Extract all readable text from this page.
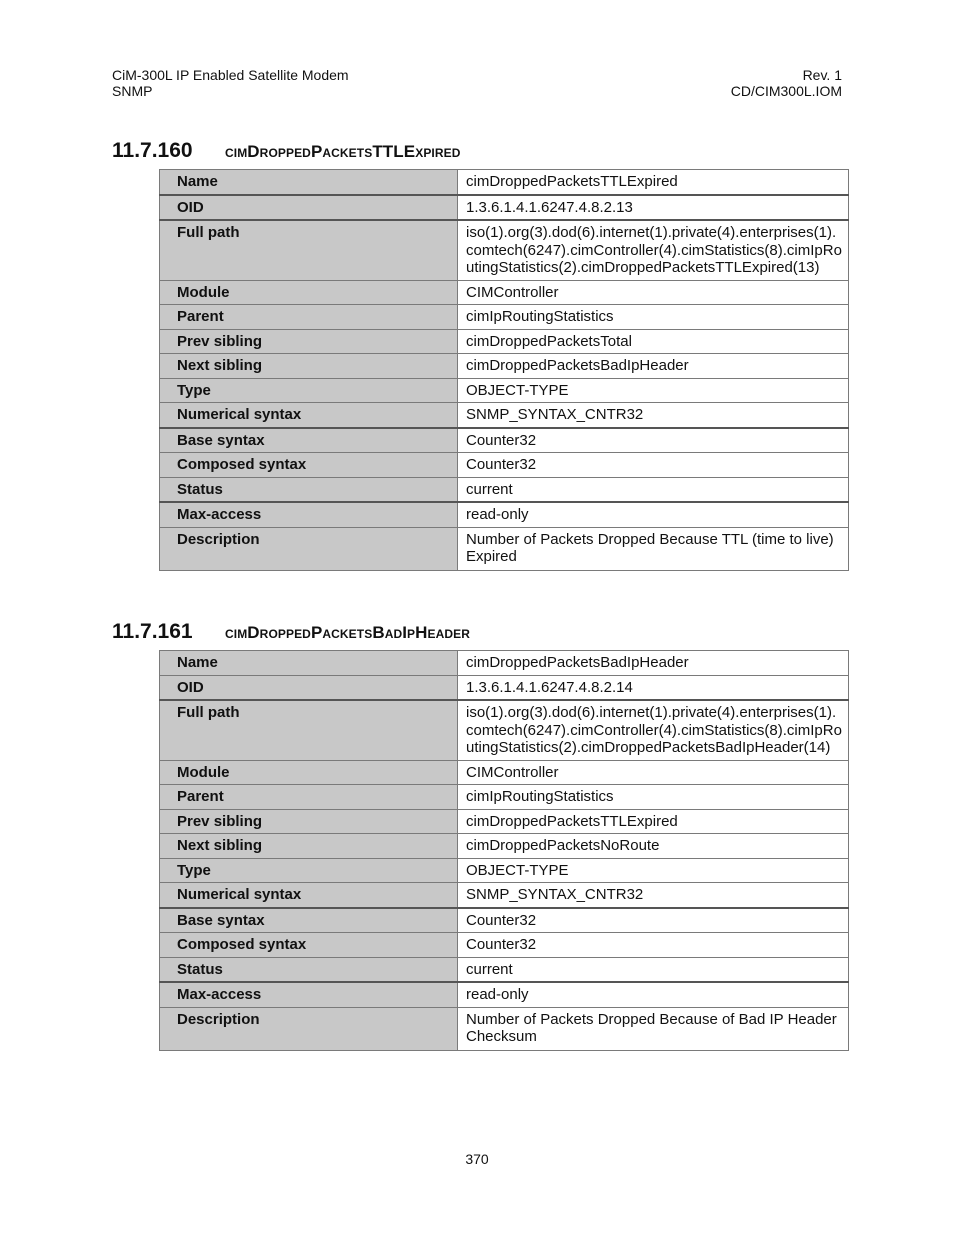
CiM-300L IP Enabled Satellite Modem
SNMP
Rev. 1
CD/CIM300L.IOM
11.7.160 cimDroppedPacketsTTLExpired
Name	cimDroppedPacketsTTLExpired
OID	1.3.6.1.4.1.6247.4.8.2.13
Full path	iso(1).org(3).dod(6).internet(1).private(4).enterprises(1).comtech(6247).cimController(4).cimStatistics(8).cimIpRoutingStatistics(2).cimDroppedPacketsTTLExpired(13)
Module	CIMController
Parent	cimIpRoutingStatistics
Prev sibling	cimDroppedPacketsTotal
Next sibling	cimDroppedPacketsBadIpHeader
Type	OBJECT-TYPE
Numerical syntax	SNMP_SYNTAX_CNTR32
Base syntax	Counter32
Composed syntax	Counter32
Status	current
Max-access	read-only
Description	Number of Packets Dropped Because TTL (time to live) Expired
11.7.161 cimDroppedPacketsBadIpHeader
Name	cimDroppedPacketsBadIpHeader
OID	1.3.6.1.4.1.6247.4.8.2.14
Full path	iso(1).org(3).dod(6).internet(1).private(4).enterprises(1).comtech(6247).cimController(4).cimStatistics(8).cimIpRoutingStatistics(2).cimDroppedPacketsBadIpHeader(14)
Module	CIMController
Parent	cimIpRoutingStatistics
Prev sibling	cimDroppedPacketsTTLExpired
Next sibling	cimDroppedPacketsNoRoute
Type	OBJECT-TYPE
Numerical syntax	SNMP_SYNTAX_CNTR32
Base syntax	Counter32
Composed syntax	Counter32
Status	current
Max-access	read-only
Description	Number of Packets Dropped Because of Bad IP Header Checksum
370
